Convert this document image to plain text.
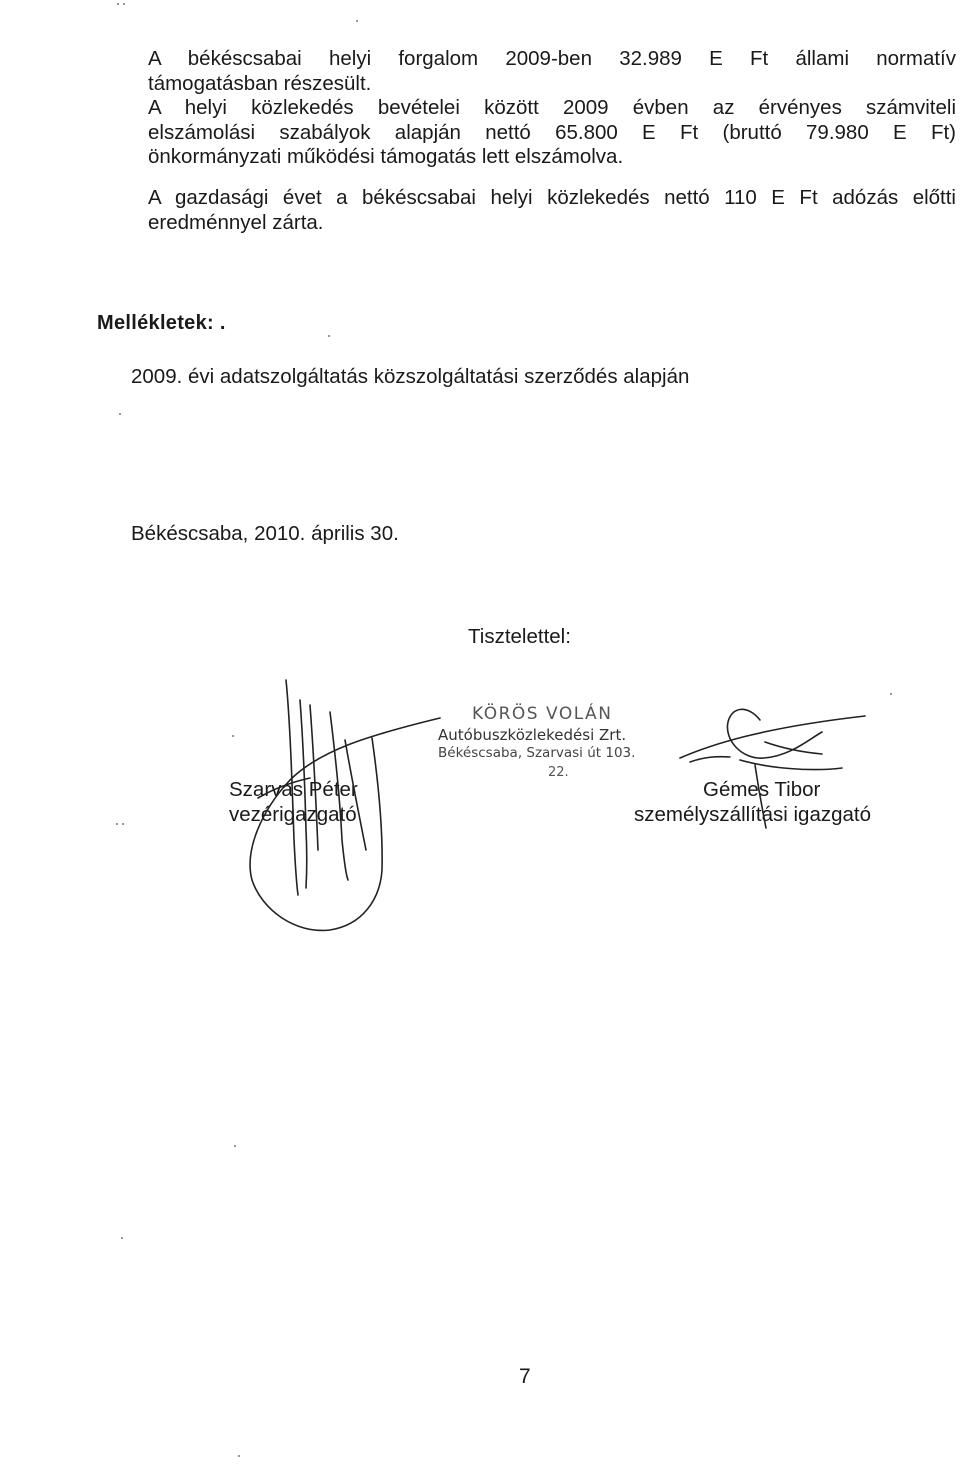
A békéscsabai helyi forgalom 2009-ben 32.989 E Ft állami normatív
támogatásban részesült.
A helyi közlekedés bevételei között 2009 évben az érvényes számviteli
elszámolási szabályok alapján nettó 65.800 E Ft (bruttó 79.980 E Ft)
önkormányzati működési támogatás lett elszámolva.
A gazdasági évet a békéscsabai helyi közlekedés nettó 110 E Ft adózás előtti
eredménnyel zárta.
Mellékletek: .
2009. évi adatszolgáltatás közszolgáltatási szerződés alapján
Békéscsaba, 2010. április 30.
Tisztelettel:
Szarvas Péter
vezérigazgató
Gémes Tibor
személyszállítási igazgató
KÖRÖS VOLÁN
Autóbuszközlekedési Zrt.
Békéscsaba, Szarvasi út 103.
22.
7
